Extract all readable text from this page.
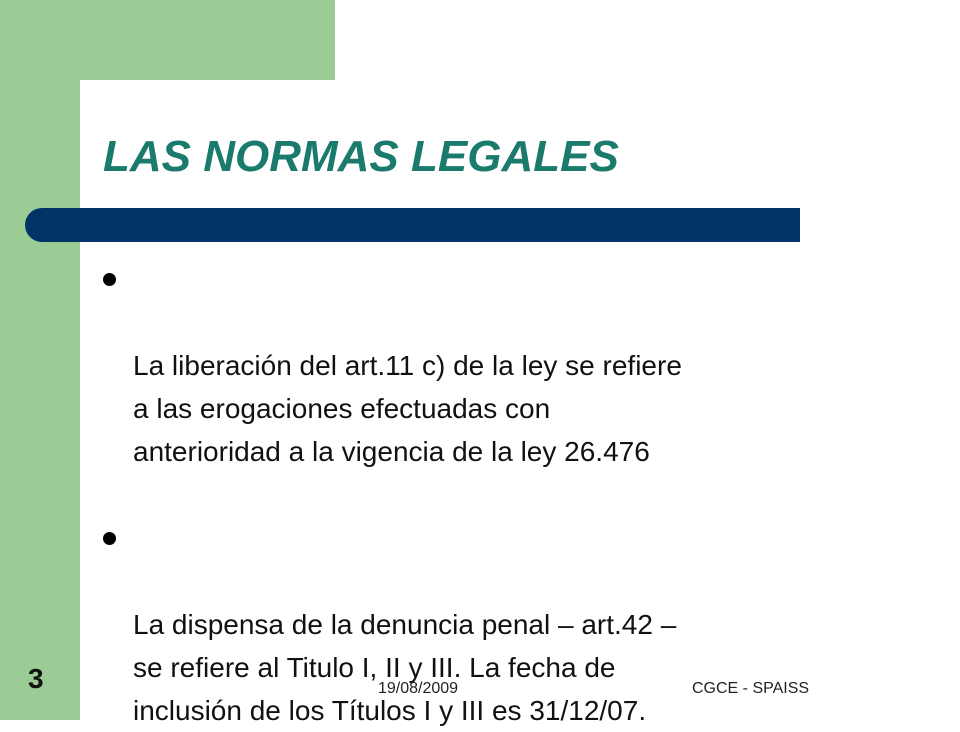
LAS NORMAS LEGALES

La liberación del art.11 c) de la ley se refiere
a las erogaciones efectuadas con
anterioridad a la vigencia de la ley 26.476

La dispensa de la denuncia penal – art.42 –
se refiere al Titulo I, II y III. La fecha de
inclusión de los Títulos I y III es 31/12/07.

3	19/08/2009	CGCE - SPAISS
